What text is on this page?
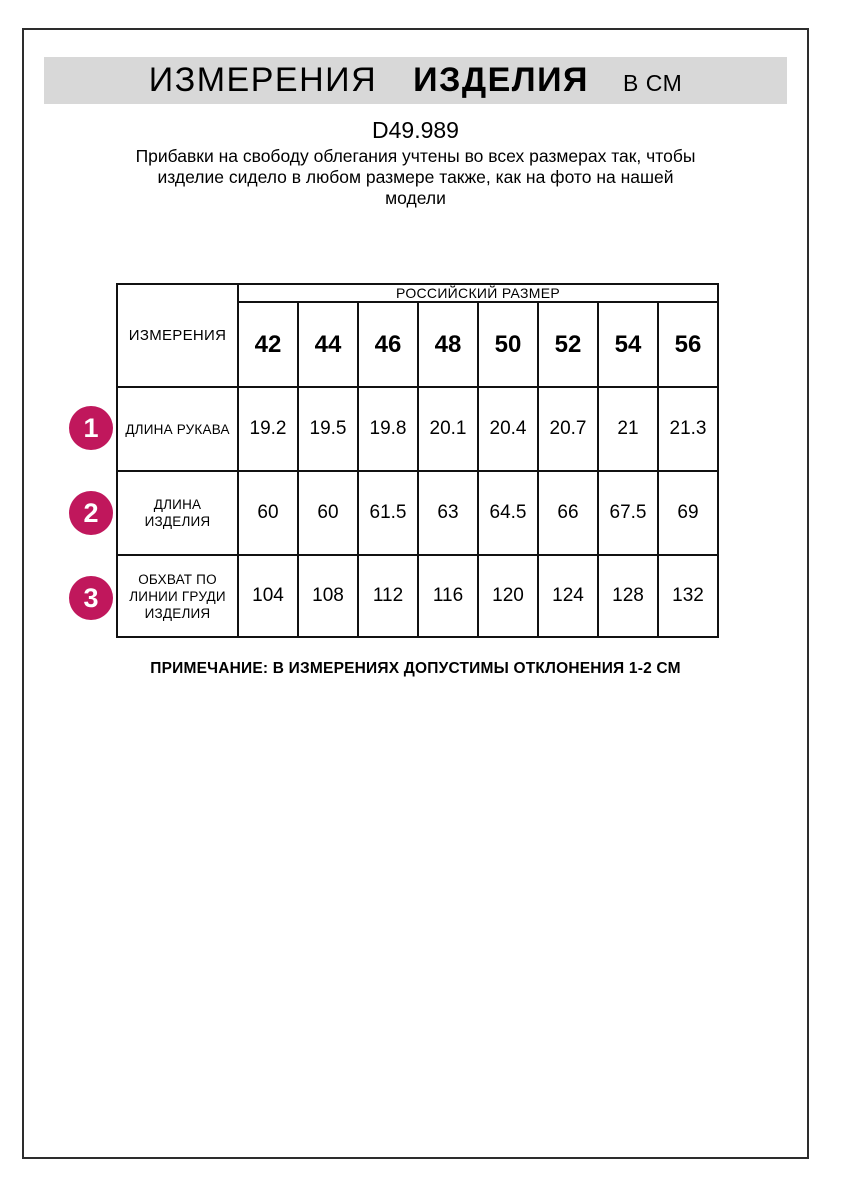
ИЗМЕРЕНИЯ ИЗДЕЛИЯ В СМ
D49.989
Прибавки на свободу облегания учтены во всех размерах так, чтобы
изделие сидело в любом размере также, как на фото на нашей
модели
ИЗМЕРЕНИЯ	РОССИЙСКИЙ РАЗМЕР							
	42	44	46	48	50	52	54	56
ДЛИНА РУКАВА	19.2	19.5	19.8	20.1	20.4	20.7	21	21.3
ДЛИНА ИЗДЕЛИЯ	60	60	61.5	63	64.5	66	67.5	69
ОБХВАТ ПО ЛИНИИ ГРУДИ ИЗДЕЛИЯ	104	108	112	116	120	124	128	132
1
2
3
ПРИМЕЧАНИЕ: В ИЗМЕРЕНИЯХ ДОПУСТИМЫ ОТКЛОНЕНИЯ 1-2 СМ
